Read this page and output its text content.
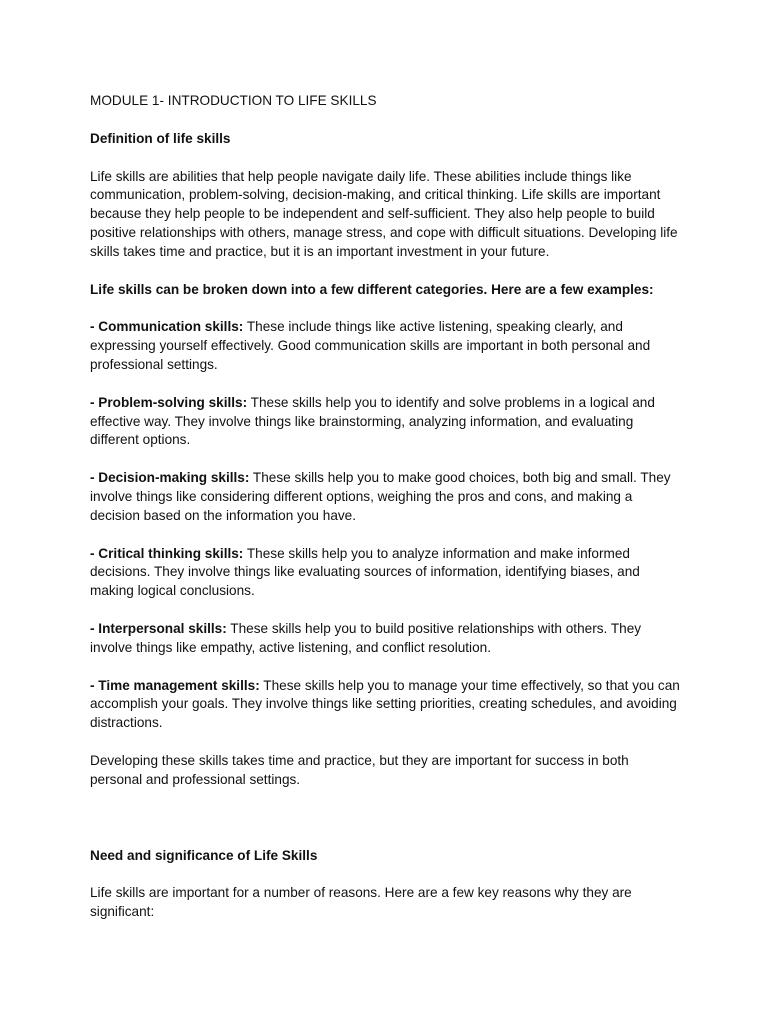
MODULE 1- INTRODUCTION TO LIFE SKILLS
Definition of life skills

Life skills are abilities that help people navigate daily life. These abilities include things like communication, problem-solving, decision-making, and critical thinking. Life skills are important because they help people to be independent and self-sufficient. They also help people to build positive relationships with others, manage stress, and cope with difficult situations. Developing life skills takes time and practice, but it is an important investment in your future.

Life skills can be broken down into a few different categories. Here are a few examples:

- Communication skills: These include things like active listening, speaking clearly, and expressing yourself effectively. Good communication skills are important in both personal and professional settings.

- Problem-solving skills: These skills help you to identify and solve problems in a logical and effective way. They involve things like brainstorming, analyzing information, and evaluating different options.

- Decision-making skills: These skills help you to make good choices, both big and small. They involve things like considering different options, weighing the pros and cons, and making a decision based on the information you have.

- Critical thinking skills: These skills help you to analyze information and make informed decisions. They involve things like evaluating sources of information, identifying biases, and making logical conclusions.

- Interpersonal skills: These skills help you to build positive relationships with others. They involve things like empathy, active listening, and conflict resolution.

- Time management skills: These skills help you to manage your time effectively, so that you can accomplish your goals. They involve things like setting priorities, creating schedules, and avoiding distractions.

Developing these skills takes time and practice, but they are important for success in both personal and professional settings.

Need and significance of Life Skills

Life skills are important for a number of reasons. Here are a few key reasons why they are significant:
